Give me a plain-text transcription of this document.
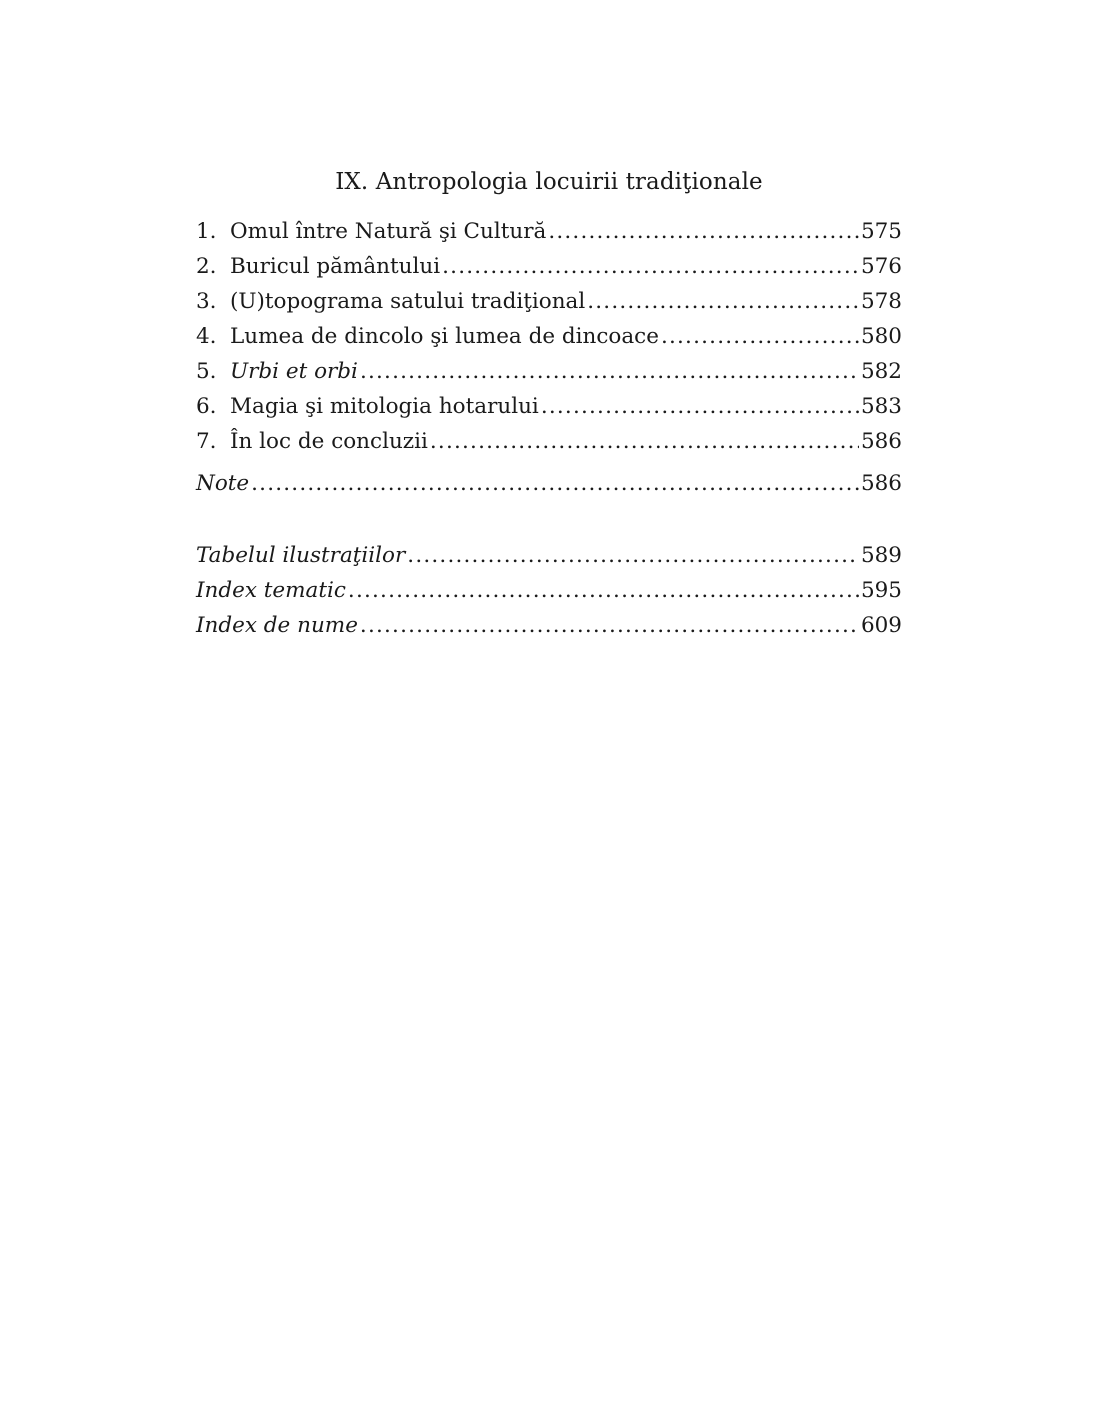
IX. Antropologia locuirii tradiţionale
1. Omul între Natură şi Cultură .....	575
2. Buricul pământului .....	576
3. (U)topograma satului tradiţional .....	578
4. Lumea de dincolo şi lumea de dincoace .....	580
5. Urbi et orbi .....	582
6. Magia şi mitologia hotarului .....	583
7. În loc de concluzii .....	586
Note .....	586
Tabelul ilustraţiilor .....	589
Index tematic .....	595
Index de nume .....	609
